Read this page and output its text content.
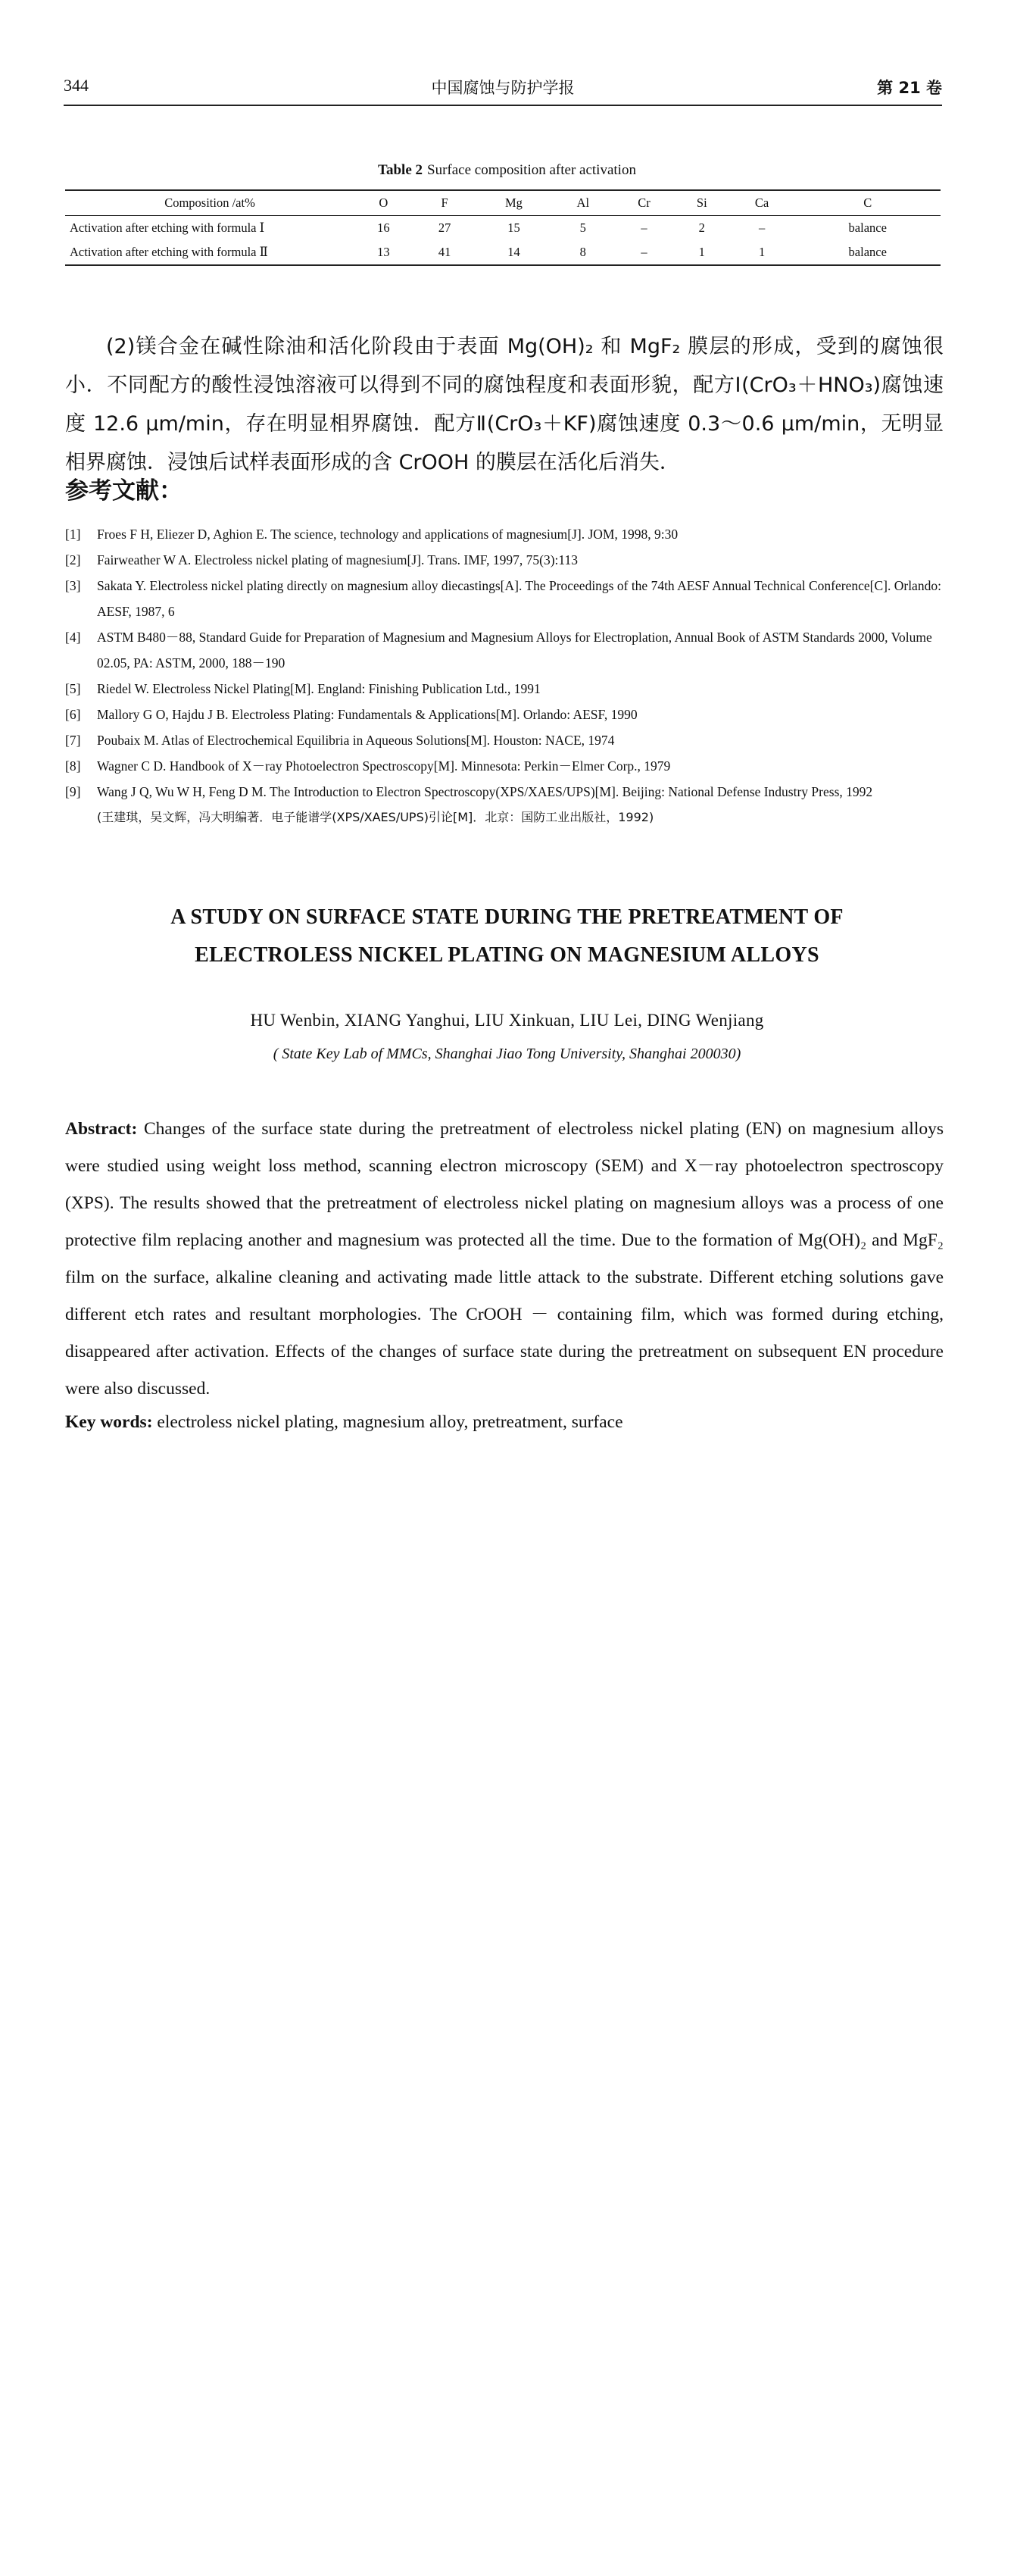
344	中国腐蚀与防护学报	第 21 卷
Table 2 Surface composition after activation
Composition /at%	O	F	Mg	Al	Cr	Si	Ca	C
Activation after etching with formula Ⅰ	16	27	15	5	–	2	–	balance
Activation after etching with formula Ⅱ	13	41	14	8	–	1	1	balance
(2)镁合金在碱性除油和活化阶段由于表面 Mg(OH)₂ 和 MgF₂ 膜层的形成，受到的腐蚀很小．不同配方的酸性浸蚀溶液可以得到不同的腐蚀程度和表面形貌，配方Ⅰ(CrO₃＋HNO₃)腐蚀速度 12.6 μm/min，存在明显相界腐蚀．配方Ⅱ(CrO₃＋KF)腐蚀速度 0.3～0.6 μm/min，无明显相界腐蚀．浸蚀后试样表面形成的含 CrOOH 的膜层在活化后消失．
参考文献：
[1] Froes F H, Eliezer D, Aghion E. The science, technology and applications of magnesium[J]. JOM, 1998, 9:30
[2] Fairweather W A. Electroless nickel plating of magnesium[J]. Trans. IMF, 1997, 75(3):113
[3] Sakata Y. Electroless nickel plating directly on magnesium alloy diecastings[A]. The Proceedings of the 74th AESF Annual Technical Conference[C]. Orlando: AESF, 1987, 6
[4] ASTM B480－88, Standard Guide for Preparation of Magnesium and Magnesium Alloys for Electroplation, Annual Book of ASTM Standards 2000, Volume 02.05, PA: ASTM, 2000, 188－190
[5] Riedel W. Electroless Nickel Plating[M]. England: Finishing Publication Ltd., 1991
[6] Mallory G O, Hajdu J B. Electroless Plating: Fundamentals & Applications[M]. Orlando: AESF, 1990
[7] Poubaix M. Atlas of Electrochemical Equilibria in Aqueous Solutions[M]. Houston: NACE, 1974
[8] Wagner C D. Handbook of X－ray Photoelectron Spectroscopy[M]. Minnesota: Perkin－Elmer Corp., 1979
[9] Wang J Q, Wu W H, Feng D M. The Introduction to Electron Spectroscopy(XPS/XAES/UPS)[M]. Beijing: National Defense Industry Press, 1992
(王建琪，吴文辉，冯大明编著．电子能谱学(XPS/XAES/UPS)引论[M]．北京：国防工业出版社，1992)
A STUDY ON SURFACE STATE DURING THE PRETREATMENT OF
ELECTROLESS NICKEL PLATING ON MAGNESIUM ALLOYS
HU Wenbin, XIANG Yanghui, LIU Xinkuan, LIU Lei, DING Wenjiang
( State Key Lab of MMCs, Shanghai Jiao Tong University, Shanghai 200030)
Abstract: Changes of the surface state during the pretreatment of electroless nickel plating (EN) on magnesium alloys were studied using weight loss method, scanning electron microscopy (SEM) and X－ray photoelectron spectroscopy (XPS). The results showed that the pretreatment of electroless nickel plating on magnesium alloys was a process of one protective film replacing another and magnesium was protected all the time. Due to the formation of Mg(OH)₂ and MgF₂ film on the surface, alkaline cleaning and activating made little attack to the substrate. Different etching solutions gave different etch rates and resultant morphologies. The CrOOH － containing film, which was formed during etching, disappeared after activation. Effects of the changes of surface state during the pretreatment on subsequent EN procedure were also discussed.
Key words: electroless nickel plating, magnesium alloy, pretreatment, surface
